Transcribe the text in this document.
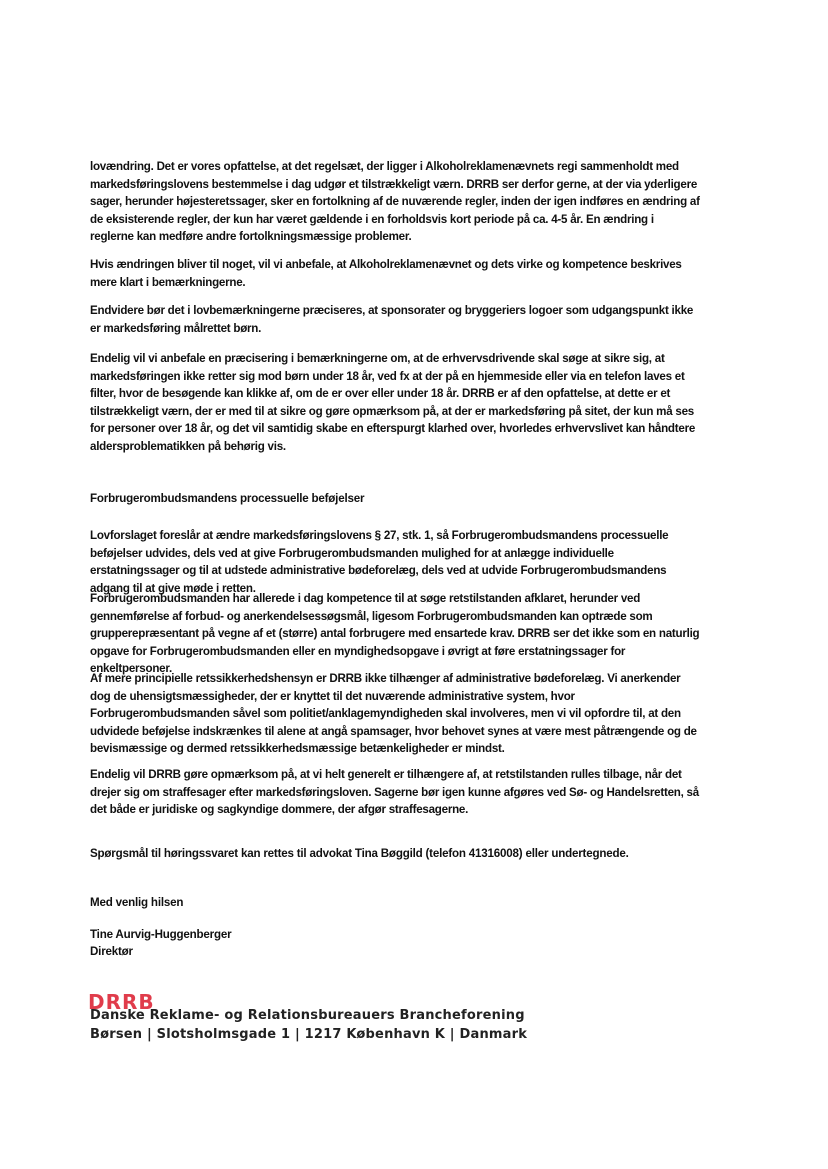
lovændring. Det er vores opfattelse, at det regelsæt, der ligger i Alkoholreklamenævnets regi sammenholdt med markedsføringslovens bestemmelse i dag udgør et tilstrækkeligt værn. DRRB ser derfor gerne, at der via yderligere sager, herunder højesteretssager, sker en fortolkning af de nuværende regler, inden der igen indføres en ændring af de eksisterende regler, der kun har været gældende i en forholdsvis kort periode på ca. 4-5 år. En ændring i reglerne kan medføre andre fortolkningsmæssige problemer.

Hvis ændringen bliver til noget, vil vi anbefale, at Alkoholreklamenævnet og dets virke og kompetence beskrives mere klart i bemærkningerne.

Endvidere bør det i lovbemærkningerne præciseres, at sponsorater og bryggeriers logoer som udgangspunkt ikke er markedsføring målrettet børn.

Endelig vil vi anbefale en præcisering i bemærkningerne om, at de erhvervsdrivende skal søge at sikre sig, at markedsføringen ikke retter sig mod børn under 18 år, ved fx at der på en hjemmeside eller via en telefon laves et filter, hvor de besøgende kan klikke af, om de er over eller under 18 år. DRRB er af den opfattelse, at dette er et tilstrækkeligt værn, der er med til at sikre og gøre opmærksom på, at der er markedsføring på sitet, der kun må ses for personer over 18 år, og det vil samtidig skabe en efterspurgt klarhed over, hvorledes erhvervslivet kan håndtere aldersproblematikken på behørig vis.

Forbrugerombudsmandens processuelle beføjelser

Lovforslaget foreslår at ændre markedsføringslovens § 27, stk. 1, så Forbrugerombudsmandens processuelle beføjelser udvides, dels ved at give Forbrugerombudsmanden mulighed for at anlægge individuelle erstatningssager og til at udstede administrative bødeforelæg, dels ved at udvide Forbrugerombudsmandens adgang til at give møde i retten.

Forbrugerombudsmanden har allerede i dag kompetence til at søge retstilstanden afklaret, herunder ved gennemførelse af forbud- og anerkendelsessøgsmål, ligesom Forbrugerombudsmanden kan optræde som grupperepræsentant på vegne af et (større) antal forbrugere med ensartede krav. DRRB ser det ikke som en naturlig opgave for Forbrugerombudsmanden eller en myndighedsopgave i øvrigt at føre erstatningssager for enkeltpersoner.

Af mere principielle retssikkerhedshensyn er DRRB ikke tilhænger af administrative bødeforelæg. Vi anerkender dog de uhensigtsmæssigheder, der er knyttet til det nuværende administrative system, hvor Forbrugerombudsmanden såvel som politiet/anklagemyndigheden skal involveres, men vi vil opfordre til, at den udvidede beføjelse indskrænkes til alene at angå spamsager, hvor behovet synes at være mest påtrængende og de bevismæssige og dermed retssikkerhedsmæssige betænkeligheder er mindst.

Endelig vil DRRB gøre opmærksom på, at vi helt generelt er tilhængere af, at retstilstanden rulles tilbage, når det drejer sig om straffesager efter markedsføringsloven. Sagerne bør igen kunne afgøres ved Sø- og Handelsretten, så det både er juridiske og sagkyndige dommere, der afgør straffesagerne.

Spørgsmål til høringssvaret kan rettes til advokat Tina Bøggild (telefon 41316008) eller undertegnede.

Med venlig hilsen

Tine Aurvig-Huggenberger

Direktør

DRRB

Danske Reklame- og Relationsbureauers Brancheforening

Børsen | Slotsholmsgade 1 | 1217 København K | Danmark
